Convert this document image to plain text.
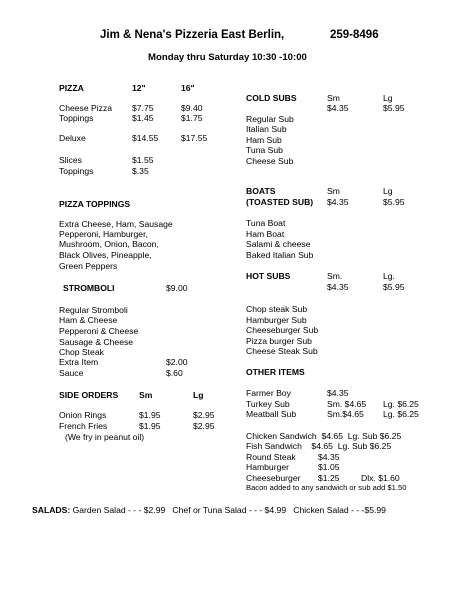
Jim & Nena's Pizzeria East Berlin,	259-8496
Monday thru Saturday 10:30 -10:00
PIZZA	12"	16"
Cheese Pizza $7.75	$9.40
Toppings	$1.45	$1.75
Deluxe	$14.55	$17.55
Slices	$1.55
Toppings	$.35
PIZZA TOPPINGS
Extra Cheese, Ham, Sausage
Pepperoni, Hamburger,
Mushroom, Onion, Bacon,
Black Olives, Pineapple,
Green Peppers
STROMBOLI	$9.00
Regular Stromboli
Ham & Cheese
Pepperoni & Cheese
Sausage & Cheese
Chop Steak
Extra Item	$2.00
Sauce	$.60
SIDE ORDERS Sm	Lg
Onion Rings	$1.95	$2.95
French Fries	$1.95	$2.95
(We fry in peanut oil)
COLD SUBS	Sm	Lg
$4.35	$5.95
Regular Sub
Italian Sub
Ham Sub
Tuna Sub
Cheese Sub
BOATS	Sm	Lg
(TOASTED SUB) $4.35	$5.95
Tuna Boat
Ham Boat
Salami & cheese
Baked Italian Sub
HOT SUBS	Sm.	Lg.
$4.35	$5.95
Chop steak Sub
Hamburger Sub
Cheeseburger Sub
Pizza burger Sub
Cheese Steak Sub
OTHER ITEMS
Farmer Boy	$4.35
Turkey Sub	Sm. $4.65 Lg. $6.25
Meatball Sub	Sm.$4.65 Lg. $6.25
Chicken Sandwich  $4.65  Lg. Sub $6.25
Fish Sandwich    $4.65  Lg. Sub $6.25
Round Steak	$4.35
Hamburger	$1.05
Cheeseburger $1.25 Dlx. $1.60
Bacon added to any sandwich or sub add $1.50
SALADS: Garden Salad - - - $2.99   Chef or Tuna Salad - - - $4.99   Chicken Salad - - -$5.99
